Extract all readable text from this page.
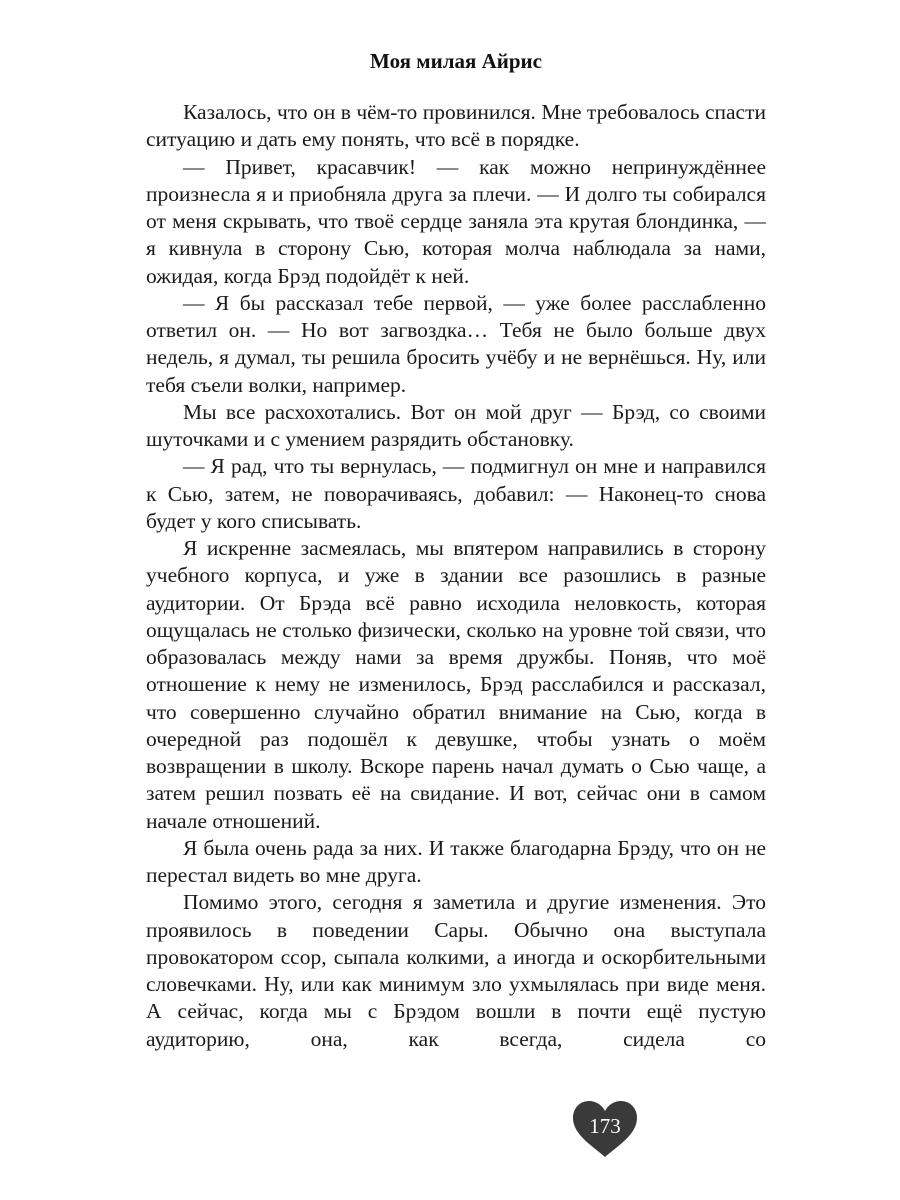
Моя милая Айрис

Казалось, что он в чём-то провинился. Мне требовалось спасти ситуацию и дать ему понять, что всё в порядке.

— Привет, красавчик! — как можно непринуждённее произнесла я и приобняла друга за плечи. — И долго ты собирался от меня скрывать, что твоё сердце заняла эта крутая блондинка, — я кивнула в сторону Сью, которая молча наблюдала за нами, ожидая, когда Брэд подойдёт к ней.

— Я бы рассказал тебе первой, — уже более расслабленно ответил он. — Но вот загвоздка… Тебя не было больше двух недель, я думал, ты решила бросить учёбу и не вернёшься. Ну, или тебя съели волки, например.

Мы все расхохотались. Вот он мой друг — Брэд, со своими шуточками и с умением разрядить обстановку.

— Я рад, что ты вернулась, — подмигнул он мне и направился к Сью, затем, не поворачиваясь, добавил: — Наконец-то снова будет у кого списывать.

Я искренне засмеялась, мы впятером направились в сторону учебного корпуса, и уже в здании все разошлись в разные аудитории. От Брэда всё равно исходила неловкость, которая ощущалась не столько физически, сколько на уровне той связи, что образовалась между нами за время дружбы. Поняв, что моё отношение к нему не изменилось, Брэд расслабился и рассказал, что совершенно случайно обратил внимание на Сью, когда в очередной раз подошёл к девушке, чтобы узнать о моём возвращении в школу. Вскоре парень начал думать о Сью чаще, а затем решил позвать её на свидание. И вот, сейчас они в самом начале отношений.

Я была очень рада за них. И также благодарна Брэду, что он не перестал видеть во мне друга.

Помимо этого, сегодня я заметила и другие изменения. Это проявилось в поведении Сары. Обычно она выступала провокатором ссор, сыпала колкими, а иногда и оскорбительными словечками. Ну, или как минимум зло ухмылялась при виде меня. А сейчас, когда мы с Брэдом вошли в почти ещё пустую аудиторию, она, как всегда, сидела со

173
